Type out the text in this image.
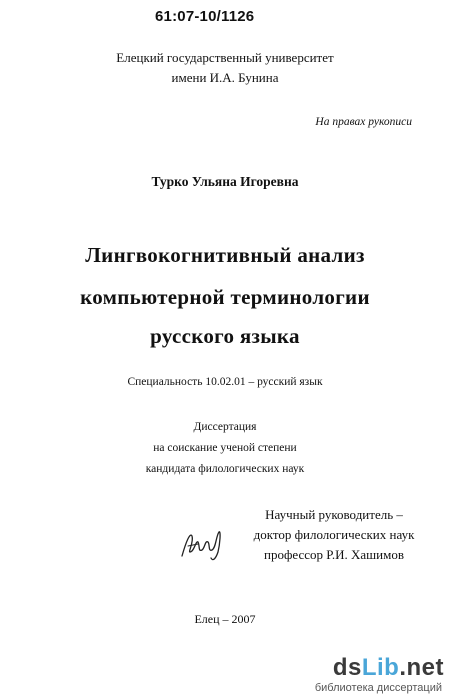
61:07-10/1126
Елецкий государственный университет
имени И.А. Бунина
На правах рукописи
Турко Ульяна Игоревна
Лингвокогнитивный анализ
компьютерной терминологии
русского языка
Специальность 10.02.01 – русский язык
Диссертация
на соискание ученой степени
кандидата филологических наук
Научный руководитель –
доктор филологических наук
профессор Р.И. Хашимов
Елец – 2007
dsLib.net
библиотека диссертаций
